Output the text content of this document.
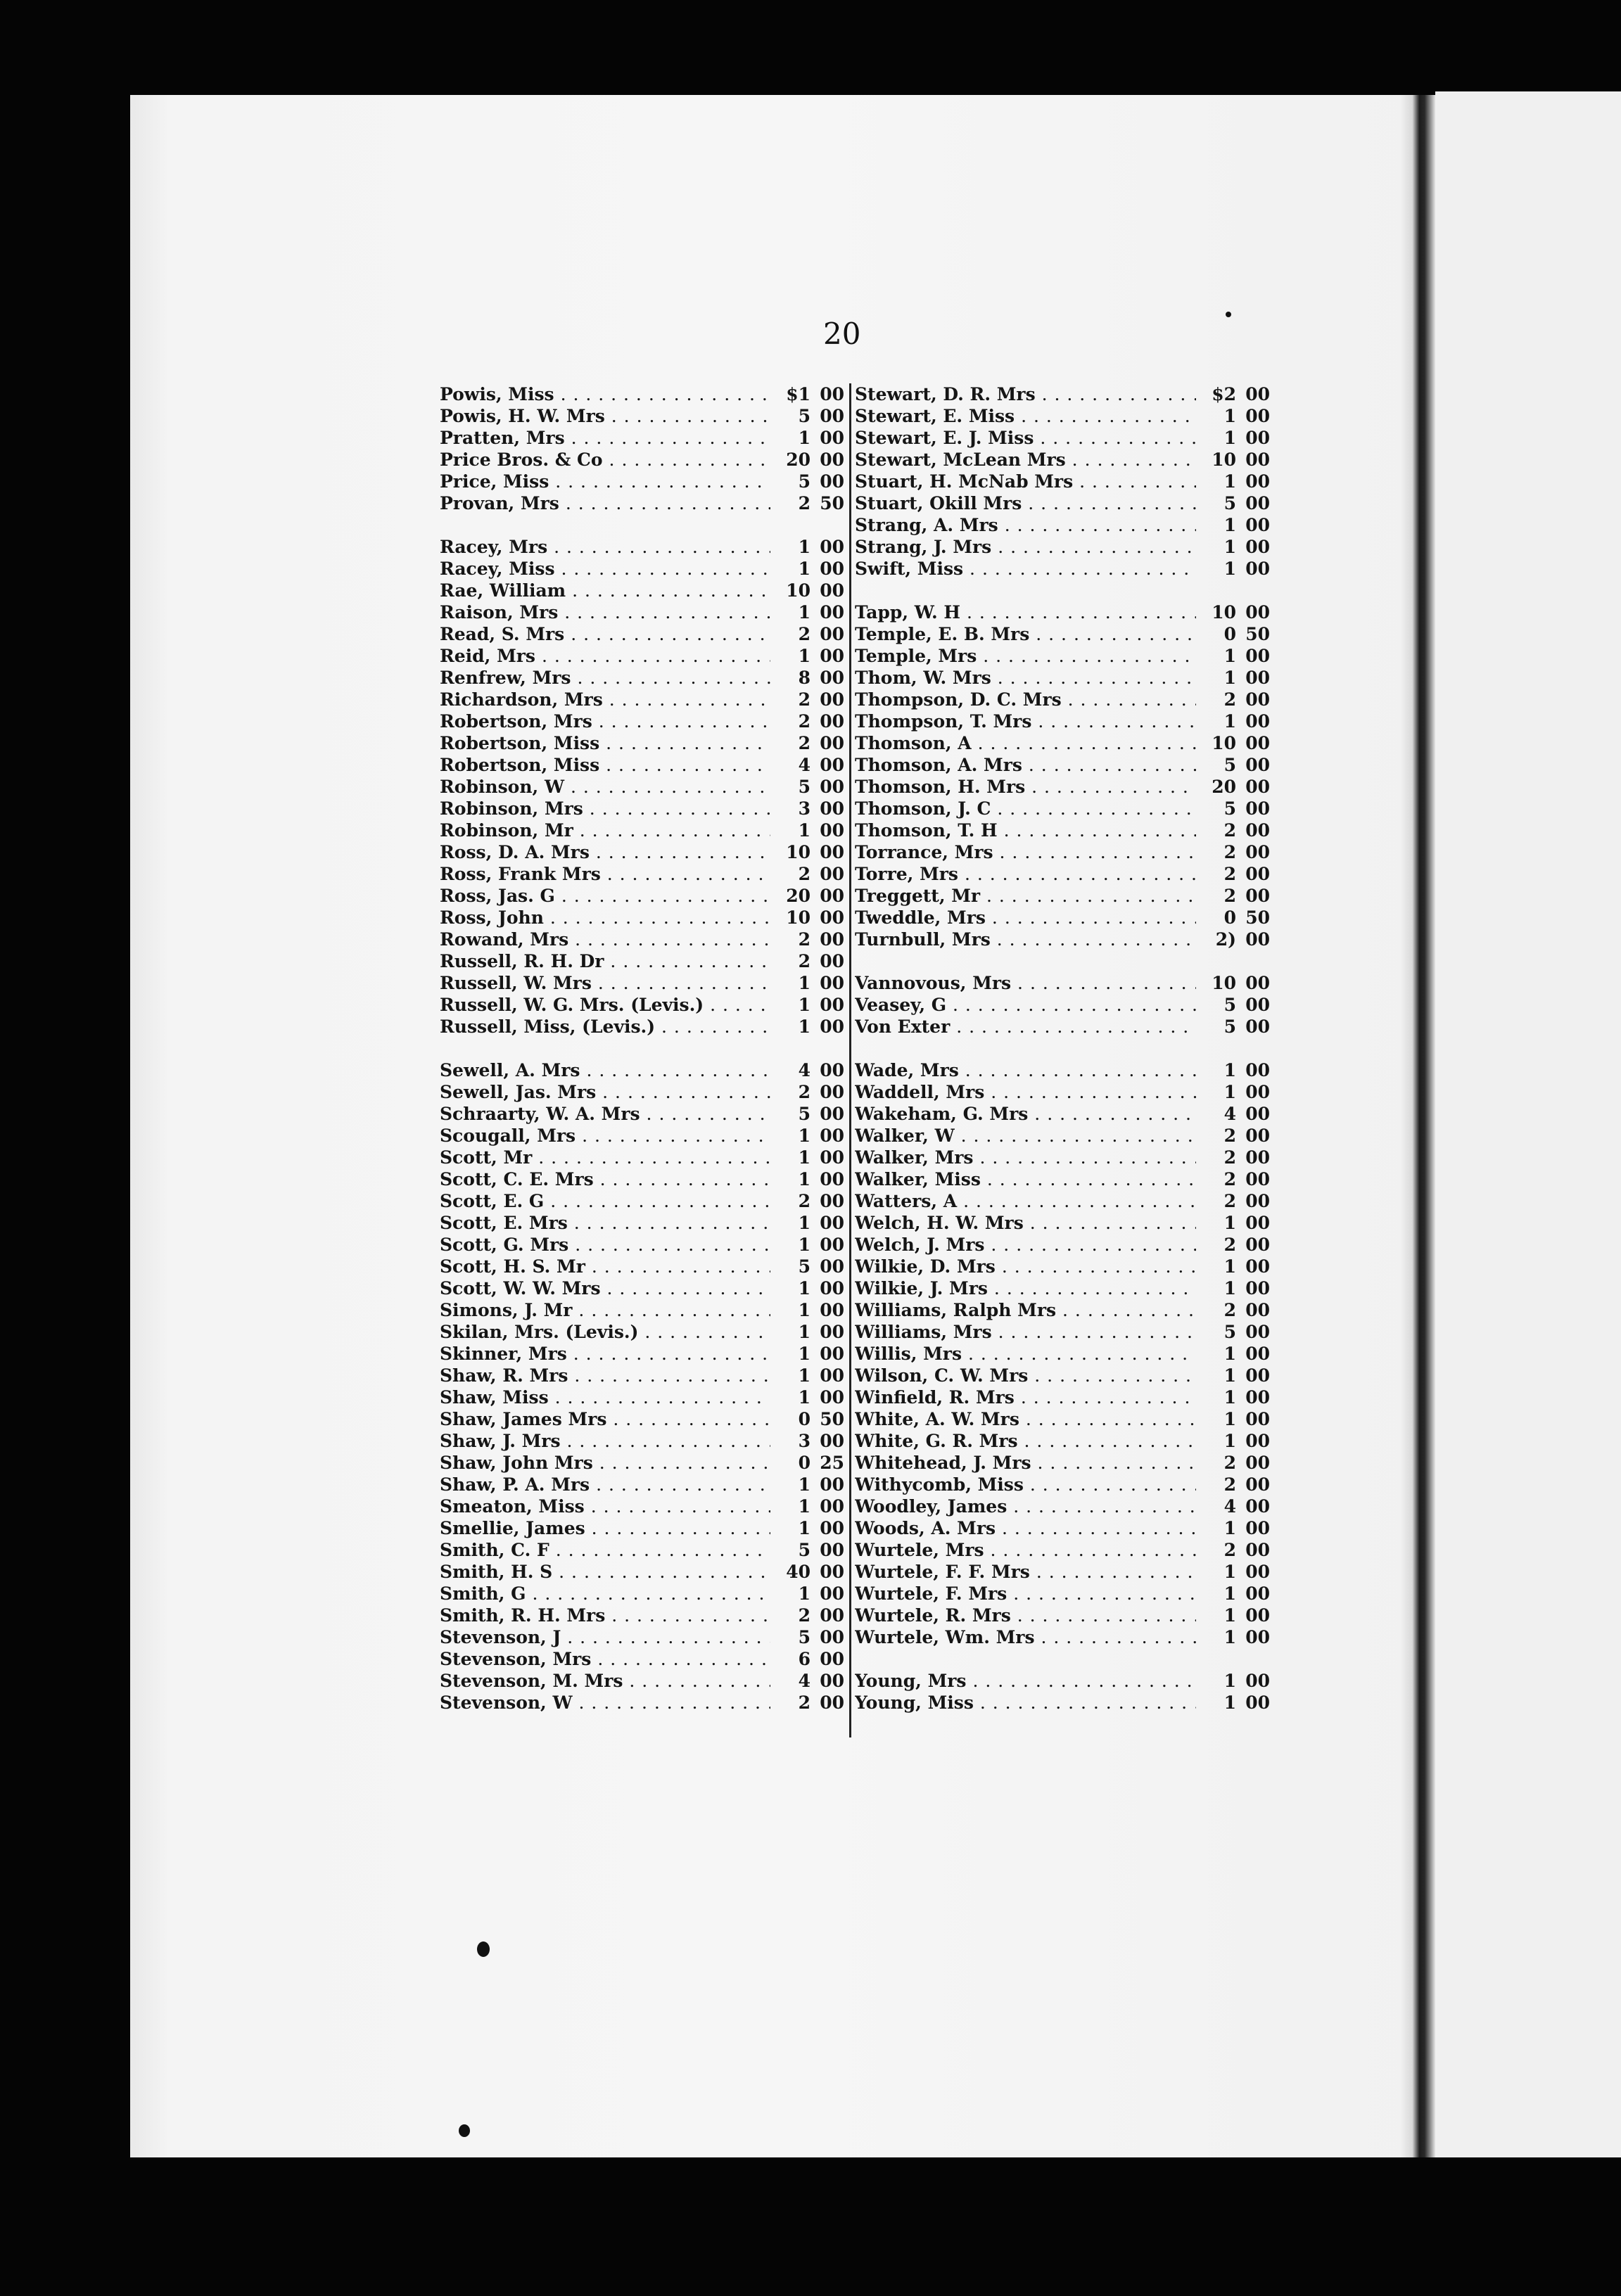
20
Powis, Miss . . .	$1 00
Powis, H. W. Mrs . . .	5 00
Pratten, Mrs . . .	1 00
Price Bros. & Co . . .	20 00
Price, Miss . . .	5 00
Provan, Mrs . . .	2 50
Racey, Mrs . . .	1 00
Racey, Miss . . .	1 00
Rae, William . . .	10 00
Raison, Mrs . . .	1 00
Read, S. Mrs . . .	2 00
Reid, Mrs . . .	1 00
Renfrew, Mrs . . .	8 00
Richardson, Mrs . . .	2 00
Robertson, Mrs . . .	2 00
Robertson, Miss . . .	2 00
Robertson, Miss . . .	4 00
Robinson, W . . .	5 00
Robinson, Mrs . . .	3 00
Robinson, Mr . . .	1 00
Ross, D. A. Mrs . . .	10 00
Ross, Frank Mrs . . .	2 00
Ross, Jas. G . . .	20 00
Ross, John . . .	10 00
Rowand, Mrs . . .	2 00
Russell, R. H. Dr . . .	2 00
Russell, W. Mrs . . .	1 00
Russell, W. G. Mrs. (Levis.) . . .	1 00
Russell, Miss, (Levis.) . . .	1 00
Sewell, A. Mrs . . .	4 00
Sewell, Jas. Mrs . . .	2 00
Schraarty, W. A. Mrs . . .	5 00
Scougall, Mrs . . .	1 00
Scott, Mr . . .	1 00
Scott, C. E. Mrs . . .	1 00
Scott, E. G . . .	2 00
Scott, E. Mrs . . .	1 00
Scott, G. Mrs . . .	1 00
Scott, H. S. Mr . . .	5 00
Scott, W. W. Mrs . . .	1 00
Simons, J. Mr . . .	1 00
Skilan, Mrs. (Levis.) . . .	1 00
Skinner, Mrs . . .	1 00
Shaw, R. Mrs . . .	1 00
Shaw, Miss . . .	1 00
Shaw, James Mrs . . .	0 50
Shaw, J. Mrs . . .	3 00
Shaw, John Mrs . . .	0 25
Shaw, P. A. Mrs . . .	1 00
Smeaton, Miss . . .	1 00
Smellie, James . . .	1 00
Smith, C. F . . .	5 00
Smith, H. S . . .	40 00
Smith, G . . .	1 00
Smith, R. H. Mrs . . .	2 00
Stevenson, J . . .	5 00
Stevenson, Mrs . . .	6 00
Stevenson, M. Mrs . . .	4 00
Stevenson, W . . .	2 00
Stewart, D. R. Mrs . . .	$2 00
Stewart, E. Miss . . .	1 00
Stewart, E. J. Miss . . .	1 00
Stewart, McLean Mrs . . .	10 00
Stuart, H. McNab Mrs . . .	1 00
Stuart, Okill Mrs . . .	5 00
Strang, A. Mrs . . .	1 00
Strang, J. Mrs . . .	1 00
Swift, Miss . . .	1 00
Tapp, W. H . . .	10 00
Temple, E. B. Mrs . . .	0 50
Temple, Mrs . . .	1 00
Thom, W. Mrs . . .	1 00
Thompson, D. C. Mrs . . .	2 00
Thompson, T. Mrs . . .	1 00
Thomson, A . . .	10 00
Thomson, A. Mrs . . .	5 00
Thomson, H. Mrs . . .	20 00
Thomson, J. C . . .	5 00
Thomson, T. H . . .	2 00
Torrance, Mrs . . .	2 00
Torre, Mrs . . .	2 00
Treggett, Mr . . .	2 00
Tweddle, Mrs . . .	0 50
Turnbull, Mrs . . .	2) 00
Vannovous, Mrs . . .	10 00
Veasey, G . . .	5 00
Von Exter . . .	5 00
Wade, Mrs . . .	1 00
Waddell, Mrs . . .	1 00
Wakeham, G. Mrs . . .	4 00
Walker, W . . .	2 00
Walker, Mrs . . .	2 00
Walker, Miss . . .	2 00
Watters, A . . .	2 00
Welch, H. W. Mrs . . .	1 00
Welch, J. Mrs . . .	2 00
Wilkie, D. Mrs . . .	1 00
Wilkie, J. Mrs . . .	1 00
Williams, Ralph Mrs . . .	2 00
Williams, Mrs . . .	5 00
Willis, Mrs . . .	1 00
Wilson, C. W. Mrs . . .	1 00
Winfield, R. Mrs . . .	1 00
White, A. W. Mrs . . .	1 00
White, G. R. Mrs . . .	1 00
Whitehead, J. Mrs . . .	2 00
Withycomb, Miss . . .	2 00
Woodley, James . . .	4 00
Woods, A. Mrs . . .	1 00
Wurtele, Mrs . . .	2 00
Wurtele, F. F. Mrs . . .	1 00
Wurtele, F. Mrs . . .	1 00
Wurtele, R. Mrs . . .	1 00
Wurtele, Wm. Mrs . . .	1 00
Young, Mrs . . .	1 00
Young, Miss . . .	1 00
